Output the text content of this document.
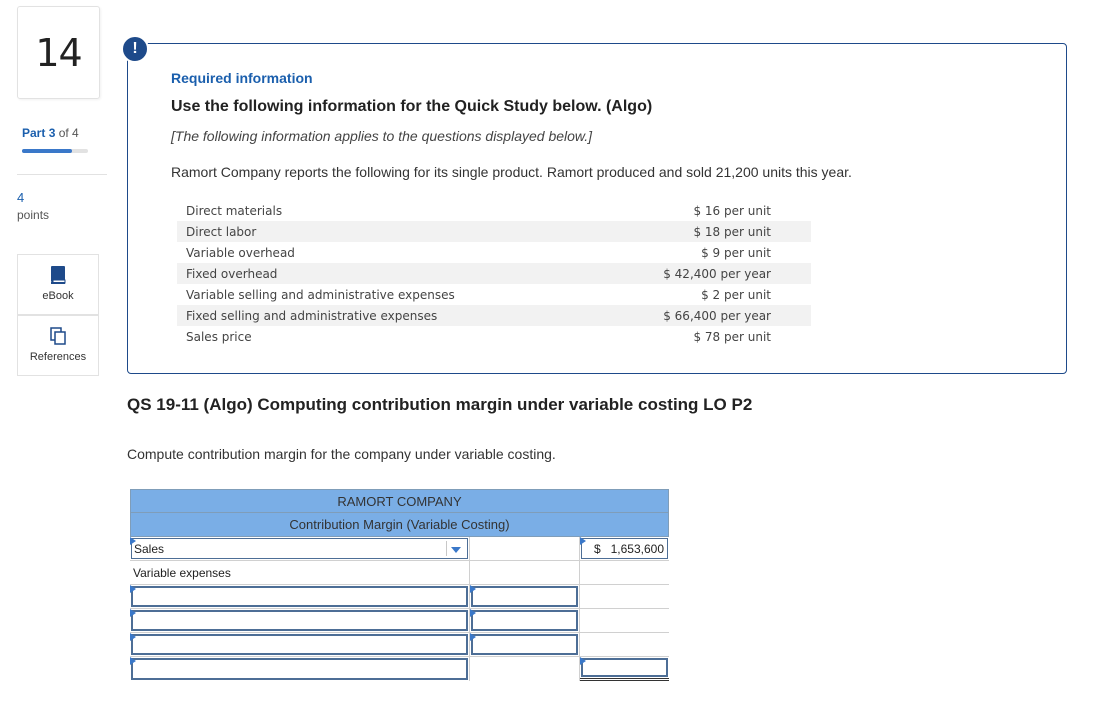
14
Part 3 of 4
4
points
eBook
References
!
Required information
Use the following information for the Quick Study below. (Algo)
[The following information applies to the questions displayed below.]
Ramort Company reports the following for its single product. Ramort produced and sold 21,200 units this year.
Direct materials	$ 16 per unit
Direct labor	$ 18 per unit
Variable overhead	$ 9 per unit
Fixed overhead	$ 42,400 per year
Variable selling and administrative expenses	$ 2 per unit
Fixed selling and administrative expenses	$ 66,400 per year
Sales price	$ 78 per unit
QS 19-11 (Algo) Computing contribution margin under variable costing LO P2
Compute contribution margin for the company under variable costing.
RAMORT COMPANY
Contribution Margin (Variable Costing)
Sales	$ 1,653,600
Variable expenses
